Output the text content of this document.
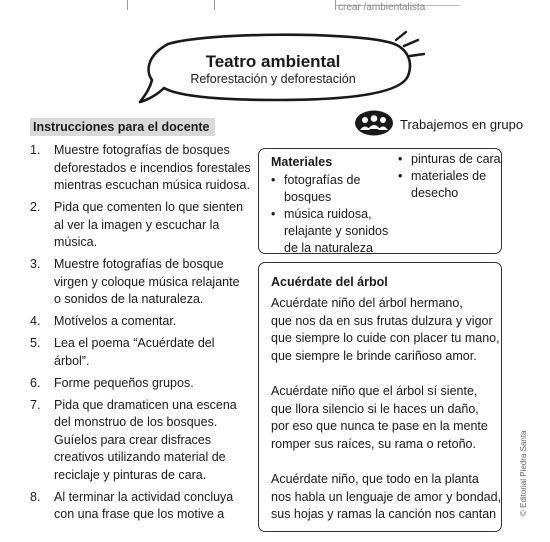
crear /ambientalista
Teatro ambiental
Reforestación y deforestación
Trabajemos en grupo
Instrucciones para el docente
1. Muestre fotografías de bosques
deforestados e incendios forestales
mientras escuchan música ruidosa.
2. Pida que comenten lo que sienten
al ver la imagen y escuchar la
música.
3. Muestre fotografías de bosque
virgen y coloque música relajante
o sonidos de la naturaleza.
4. Motívelos a comentar.
5. Lea el poema “Acuérdate del
árbol”.
6. Forme pequeños grupos.
7. Pida que dramaticen una escena
del monstruo de los bosques.
Guíelos para crear disfraces
creativos utilizando material de
reciclaje y pinturas de cara.
8. Al terminar la actividad concluya
con una frase que los motive a
Materiales
• fotografías de
bosques
• música ruidosa,
relajante y sonidos
de la naturaleza
• pinturas de cara
• materiales de
desecho
Acuérdate del árbol
Acuérdate niño del árbol hermano,
que nos da en sus frutas dulzura y vigor
que siempre lo cuide con placer tu mano,
que siempre le brinde cariñoso amor.
Acuérdate niño que el árbol sí siente,
que llora silencio si le haces un daño,
por eso que nunca te pase en la mente
romper sus raíces, su rama o retoño.
Acuérdate niño, que todo en la planta
nos habla un lenguaje de amor y bondad,
sus hojas y ramas la canción nos cantan	© Editorial Piedra Santa
